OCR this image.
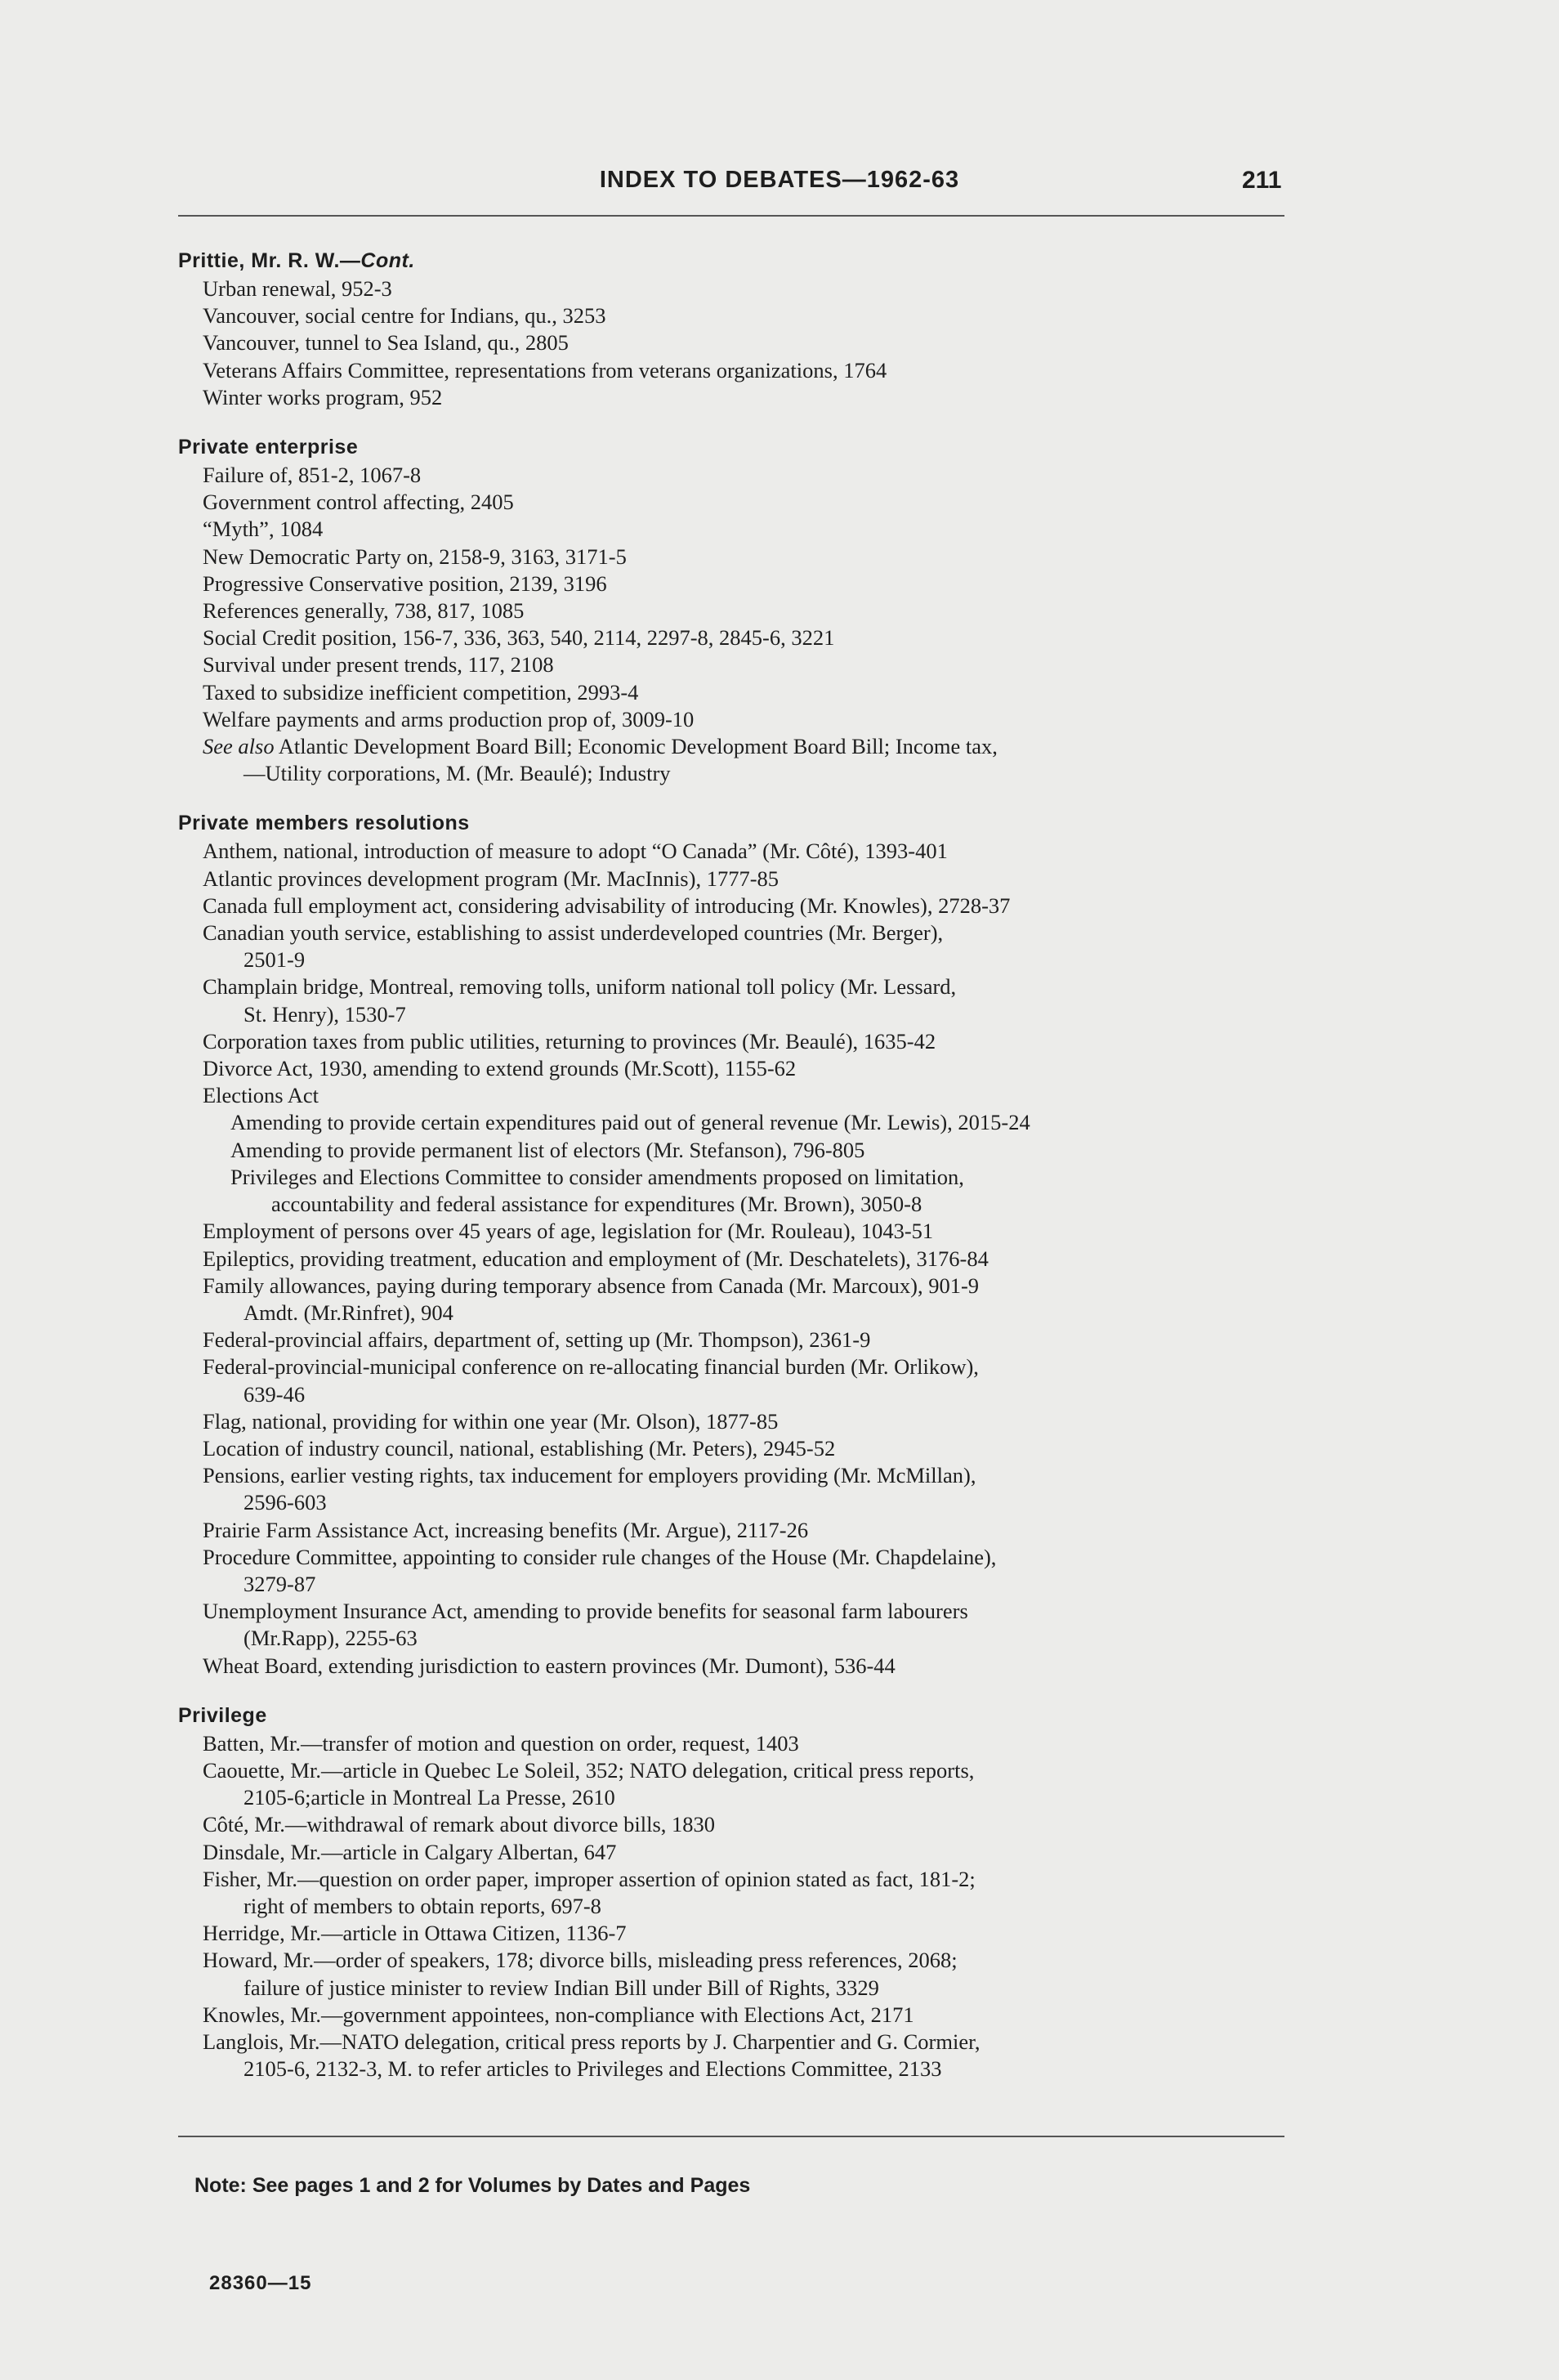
INDEX TO DEBATES—1962-63	211
Prittie, Mr. R. W.—Cont.
Urban renewal, 952-3
Vancouver, social centre for Indians, qu., 3253
Vancouver, tunnel to Sea Island, qu., 2805
Veterans Affairs Committee, representations from veterans organizations, 1764
Winter works program, 952
Private enterprise
Failure of, 851-2, 1067-8
Government control affecting, 2405
“Myth”, 1084
New Democratic Party on, 2158-9, 3163, 3171-5
Progressive Conservative position, 2139, 3196
References generally, 738, 817, 1085
Social Credit position, 156-7, 336, 363, 540, 2114, 2297-8, 2845-6, 3221
Survival under present trends, 117, 2108
Taxed to subsidize inefficient competition, 2993-4
Welfare payments and arms production prop of, 3009-10
See also Atlantic Development Board Bill; Economic Development Board Bill; Income tax,
—Utility corporations, M. (Mr. Beaulé); Industry
Private members resolutions
Anthem, national, introduction of measure to adopt “O Canada” (Mr. Côté), 1393-401
Atlantic provinces development program (Mr. MacInnis), 1777-85
Canada full employment act, considering advisability of introducing (Mr. Knowles), 2728-37
Canadian youth service, establishing to assist underdeveloped countries (Mr. Berger),
2501-9
Champlain bridge, Montreal, removing tolls, uniform national toll policy (Mr. Lessard,
St. Henry), 1530-7
Corporation taxes from public utilities, returning to provinces (Mr. Beaulé), 1635-42
Divorce Act, 1930, amending to extend grounds (Mr.Scott), 1155-62
Elections Act
Amending to provide certain expenditures paid out of general revenue (Mr. Lewis), 2015-24
Amending to provide permanent list of electors (Mr. Stefanson), 796-805
Privileges and Elections Committee to consider amendments proposed on limitation,
accountability and federal assistance for expenditures (Mr. Brown), 3050-8
Employment of persons over 45 years of age, legislation for (Mr. Rouleau), 1043-51
Epileptics, providing treatment, education and employment of (Mr. Deschatelets), 3176-84
Family allowances, paying during temporary absence from Canada (Mr. Marcoux), 901-9
Amdt. (Mr.Rinfret), 904
Federal-provincial affairs, department of, setting up (Mr. Thompson), 2361-9
Federal-provincial-municipal conference on re-allocating financial burden (Mr. Orlikow),
639-46
Flag, national, providing for within one year (Mr. Olson), 1877-85
Location of industry council, national, establishing (Mr. Peters), 2945-52
Pensions, earlier vesting rights, tax inducement for employers providing (Mr. McMillan),
2596-603
Prairie Farm Assistance Act, increasing benefits (Mr. Argue), 2117-26
Procedure Committee, appointing to consider rule changes of the House (Mr. Chapdelaine),
3279-87
Unemployment Insurance Act, amending to provide benefits for seasonal farm labourers
(Mr.Rapp), 2255-63
Wheat Board, extending jurisdiction to eastern provinces (Mr. Dumont), 536-44
Privilege
Batten, Mr.—transfer of motion and question on order, request, 1403
Caouette, Mr.—article in Quebec Le Soleil, 352; NATO delegation, critical press reports,
2105-6;article in Montreal La Presse, 2610
Côté, Mr.—withdrawal of remark about divorce bills, 1830
Dinsdale, Mr.—article in Calgary Albertan, 647
Fisher, Mr.—question on order paper, improper assertion of opinion stated as fact, 181-2;
right of members to obtain reports, 697-8
Herridge, Mr.—article in Ottawa Citizen, 1136-7
Howard, Mr.—order of speakers, 178; divorce bills, misleading press references, 2068;
failure of justice minister to review Indian Bill under Bill of Rights, 3329
Knowles, Mr.—government appointees, non-compliance with Elections Act, 2171
Langlois, Mr.—NATO delegation, critical press reports by J. Charpentier and G. Cormier,
2105-6, 2132-3, M. to refer articles to Privileges and Elections Committee, 2133
Note: See pages 1 and 2 for Volumes by Dates and Pages
28360—15
